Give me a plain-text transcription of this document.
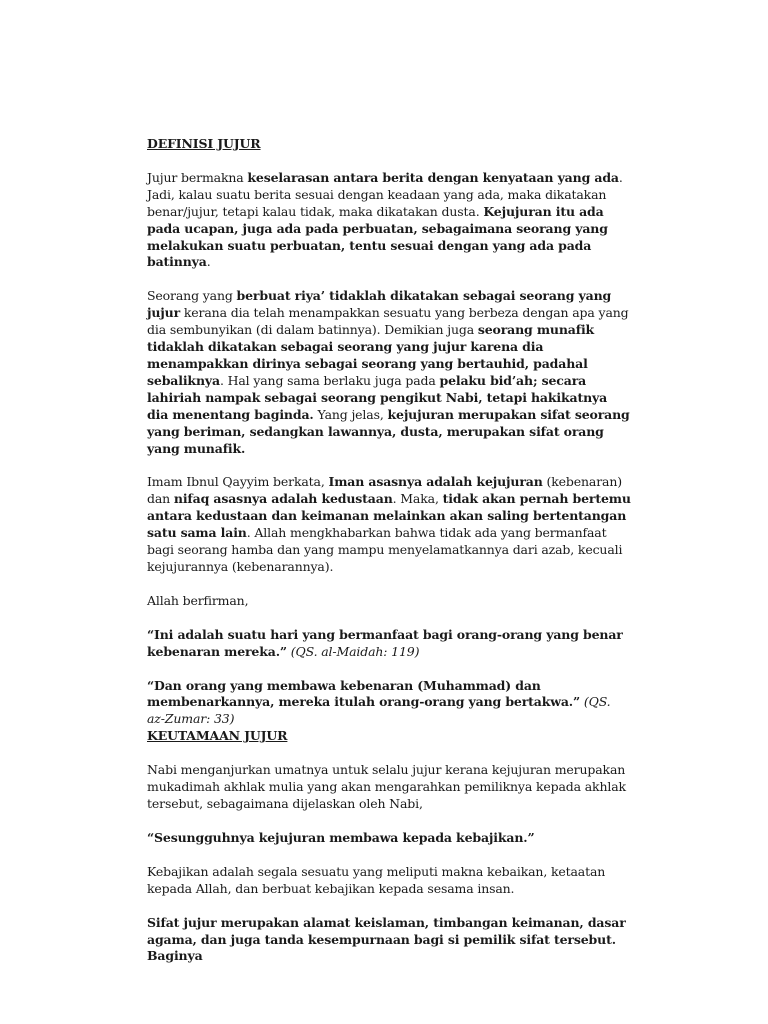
DEFINISI JUJUR
Jujur bermakna keselarasan antara berita dengan kenyataan yang ada. Jadi, kalau suatu berita sesuai dengan keadaan yang ada, maka dikatakan benar/jujur, tetapi kalau tidak, maka dikatakan dusta. Kejujuran itu ada pada ucapan, juga ada pada perbuatan, sebagaimana seorang yang melakukan suatu perbuatan, tentu sesuai dengan yang ada pada batinnya.
Seorang yang berbuat riya’ tidaklah dikatakan sebagai seorang yang jujur kerana dia telah menampakkan sesuatu yang berbeza dengan apa yang dia sembunyikan (di dalam batinnya). Demikian juga seorang munafik tidaklah dikatakan sebagai seorang yang jujur karena dia menampakkan dirinya sebagai seorang yang bertauhid, padahal sebaliknya. Hal yang sama berlaku juga pada pelaku bid’ah; secara lahiriah nampak sebagai seorang pengikut Nabi, tetapi hakikatnya dia menentang baginda. Yang jelas, kejujuran merupakan sifat seorang yang beriman, sedangkan lawannya, dusta, merupakan sifat orang yang munafik.
Imam Ibnul Qayyim berkata, Iman asasnya adalah kejujuran (kebenaran) dan nifaq asasnya adalah kedustaan. Maka, tidak akan pernah bertemu antara kedustaan dan keimanan melainkan akan saling bertentangan satu sama lain. Allah mengkhabarkan bahwa tidak ada yang bermanfaat bagi seorang hamba dan yang mampu menyelamatkannya dari azab, kecuali kejujurannya (kebenarannya).
Allah berfirman,
“Ini adalah suatu hari yang bermanfaat bagi orang-orang yang benar kebenaran mereka.” (QS. al-Maidah: 119)
“Dan orang yang membawa kebenaran (Muhammad) dan membenarkannya, mereka itulah orang-orang yang bertakwa.” (QS. az-Zumar: 33)
KEUTAMAAN JUJUR
Nabi menganjurkan umatnya untuk selalu jujur kerana kejujuran merupakan mukadimah akhlak mulia yang akan mengarahkan pemiliknya kepada akhlak tersebut, sebagaimana dijelaskan oleh Nabi,
“Sesungguhnya kejujuran membawa kepada kebajikan.”
Kebajikan adalah segala sesuatu yang meliputi makna kebaikan, ketaatan kepada Allah, dan berbuat kebajikan kepada sesama insan.
Sifat jujur merupakan alamat keislaman, timbangan keimanan, dasar agama, dan juga tanda kesempurnaan bagi si pemilik sifat tersebut. Baginya
